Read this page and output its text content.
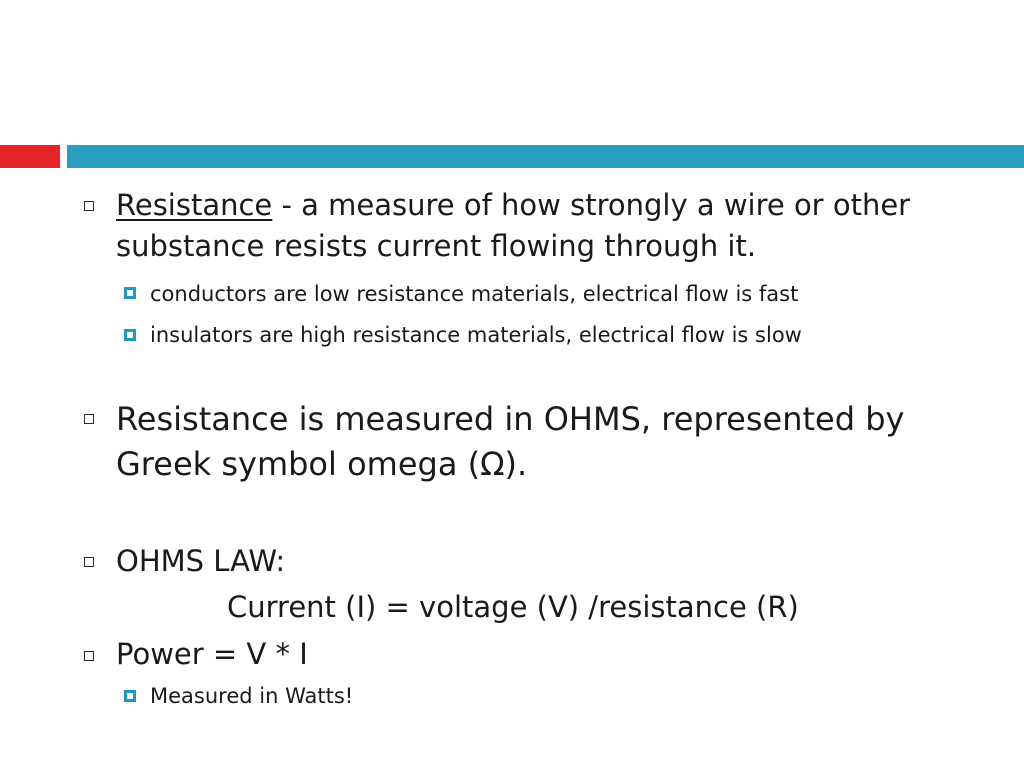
Resistance - a measure of how strongly a wire or other substance resists current flowing through it.
conductors are low resistance materials, electrical flow is fast
insulators are high resistance materials, electrical flow is slow
Resistance is measured in OHMS, represented by Greek symbol omega (Ω).
OHMS LAW:
Current (I) = voltage (V) /resistance (R)
Power = V * I
Measured in Watts!
